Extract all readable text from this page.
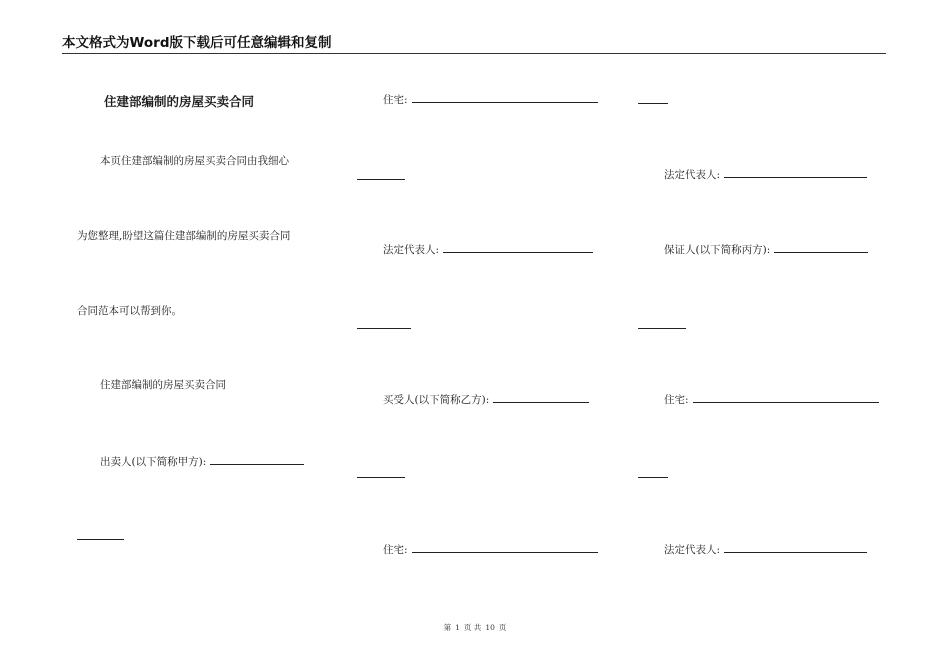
本文格式为Word版下载后可任意编辑和复制
住建部编制的房屋买卖合同
本页住建部编制的房屋买卖合同由我细心
为您整理,盼望这篇住建部编制的房屋买卖合同
合同范本可以帮到你。
住建部编制的房屋买卖合同
出卖人(以下简称甲方):
住宅:
法定代表人:
买受人(以下简称乙方):
住宅:
法定代表人:
保证人(以下简称丙方):
住宅:
法定代表人:
第 1 页 共 10 页
